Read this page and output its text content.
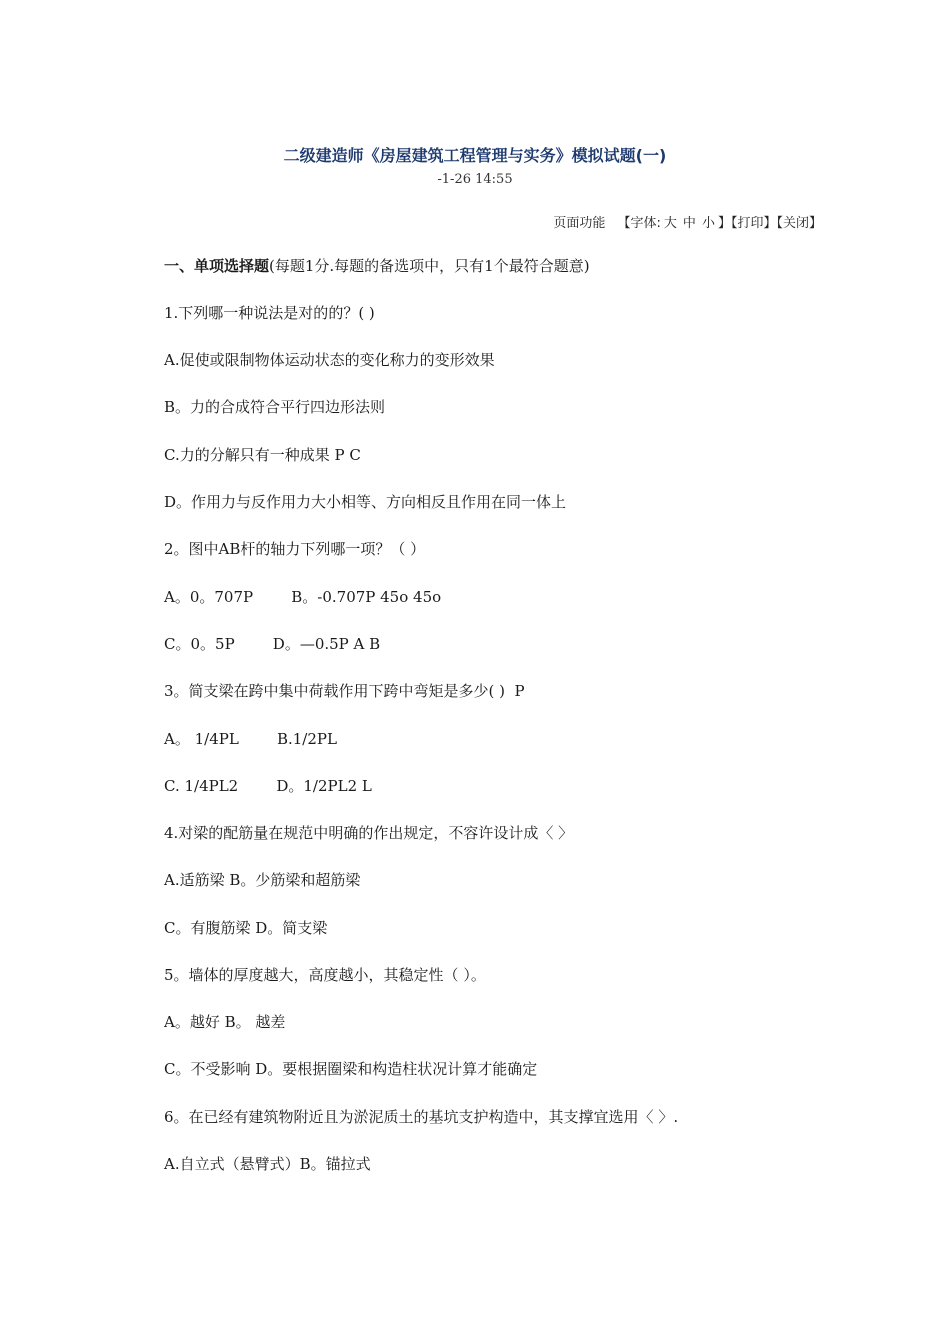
二级建造师《房屋建筑工程管理与实务》模拟试题(一)
-1-26 14:55
页面功能 【字体: 大 中 小 】【打印】【关闭】
一、单项选择题(每题1分.每题的备选项中，只有1个最符合题意)
1.下列哪一种说法是对的的？( )
A.促使或限制物体运动状态的变化称力的变形效果
B。力的合成符合平行四边形法则
C.力的分解只有一种成果 P C
D。作用力与反作用力大小相等、方向相反且作用在同一体上
2。图中AB杆的轴力下列哪一项？（ ）
A。0。707P        B。-0.707P 45o 45o
C。0。5P        D。—0.5P A B
3。简支梁在跨中集中荷载作用下跨中弯矩是多少( )  P
A。 1/4PL        B.1/2PL
C. 1/4PL2        D。1/2PL2 L
4.对梁的配筋量在规范中明确的作出规定，不容许设计成〈 〉
A.适筋梁 B。少筋梁和超筋梁
C。有腹筋梁 D。简支梁
5。墙体的厚度越大，高度越小，其稳定性（ ）。
A。越好 B。 越差
C。不受影响 D。要根据圈梁和构造柱状况计算才能确定
6。在已经有建筑物附近且为淤泥质土的基坑支护构造中，其支撑宜选用〈 〉.
A.自立式（悬臂式）B。锚拉式
